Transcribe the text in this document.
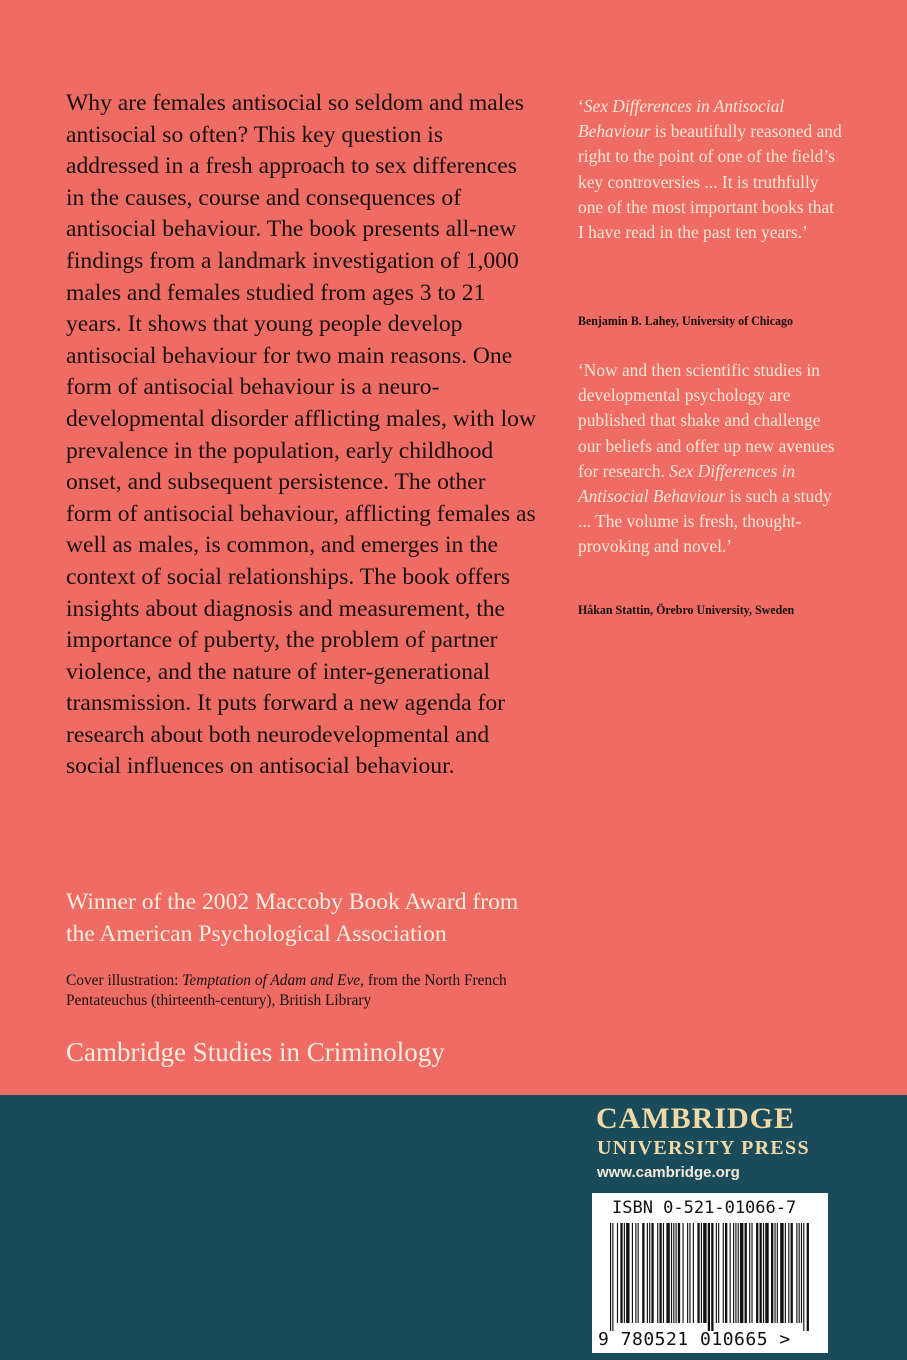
Why are females antisocial so seldom and males antisocial so often? This key question is addressed in a fresh approach to sex differences in the causes, course and consequences of antisocial behaviour. The book presents all-new findings from a landmark investigation of 1,000 males and females studied from ages 3 to 21 years. It shows that young people develop antisocial behaviour for two main reasons. One form of antisocial behaviour is a neuro-developmental disorder afflicting males, with low prevalence in the population, early childhood onset, and subsequent persistence. The other form of antisocial behaviour, afflicting females as well as males, is common, and emerges in the context of social relationships. The book offers insights about diagnosis and measurement, the importance of puberty, the problem of partner violence, and the nature of inter-generational transmission. It puts forward a new agenda for research about both neurodevelopmental and social influences on antisocial behaviour.

Winner of the 2002 Maccoby Book Award from the American Psychological Association
Cover illustration: Temptation of Adam and Eve, from the North French Pentateuchus (thirteenth-century), British Library
Cambridge Studies in Criminology
‘Sex Differences in Antisocial Behaviour is beautifully reasoned and right to the point of one of the field’s key controversies ... It is truthfully one of the most important books that I have read in the past ten years.’
Benjamin B. Lahey, University of Chicago
‘Now and then scientific studies in developmental psychology are published that shake and challenge our beliefs and offer up new avenues for research. Sex Differences in Antisocial Behaviour is such a study ... The volume is fresh, thought-provoking and novel.’
Håkan Stattin, Örebro University, Sweden
CAMBRIDGE
UNIVERSITY PRESS
www.cambridge.org
ISBN 0-521-01066-7
9 780521 010665 >
